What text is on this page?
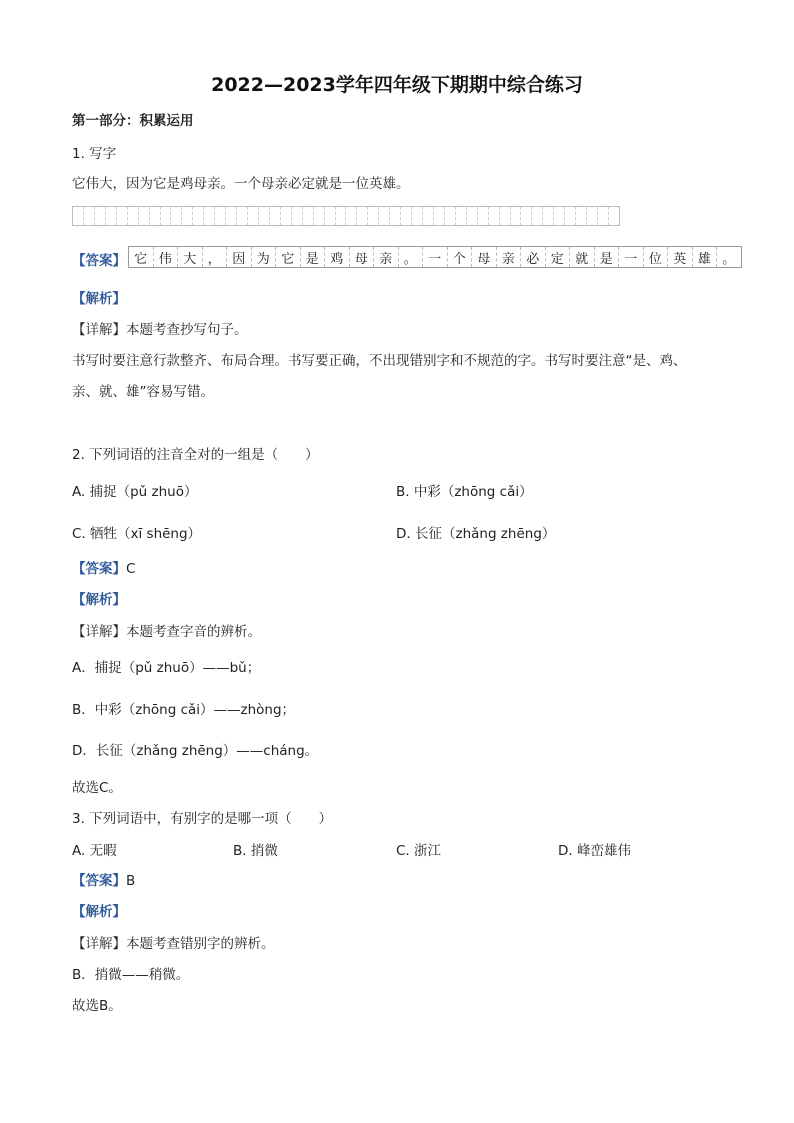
2022—2023学年四年级下期期中综合练习
第一部分：积累运用
1. 写字
它伟大，因为它是鸡母亲。一个母亲必定就是一位英雄。
【答案】 它 伟 大 ， 因 为 它 是 鸡 母 亲 。 一 个 母 亲 必 定 就 是 一 位 英 雄 。
【解析】
【详解】本题考查抄写句子。
书写时要注意行款整齐、布局合理。书写要正确，不出现错别字和不规范的字。书写时要注意“是、鸡、
亲、就、雄”容易写错。
2. 下列词语的注音全对的一组是（　　）
A. 捕捉（pǔ zhuō）	B. 中彩（zhōng cǎi）
C. 牺牲（xī shēng）	D. 长征（zhǎng zhēng）
【答案】C
【解析】
【详解】本题考查字音的辨析。
A．捕捉（pǔ zhuō）——bǔ；
B．中彩（zhōng cǎi）——zhòng；
D．长征（zhǎng zhēng）——cháng。
故选C。
3. 下列词语中，有别字的是哪一项（　　）
A. 无暇	B. 捎微	C. 浙江	D. 峰峦雄伟
【答案】B
【解析】
【详解】本题考查错别字的辨析。
B．捎微——稍微。
故选B。
